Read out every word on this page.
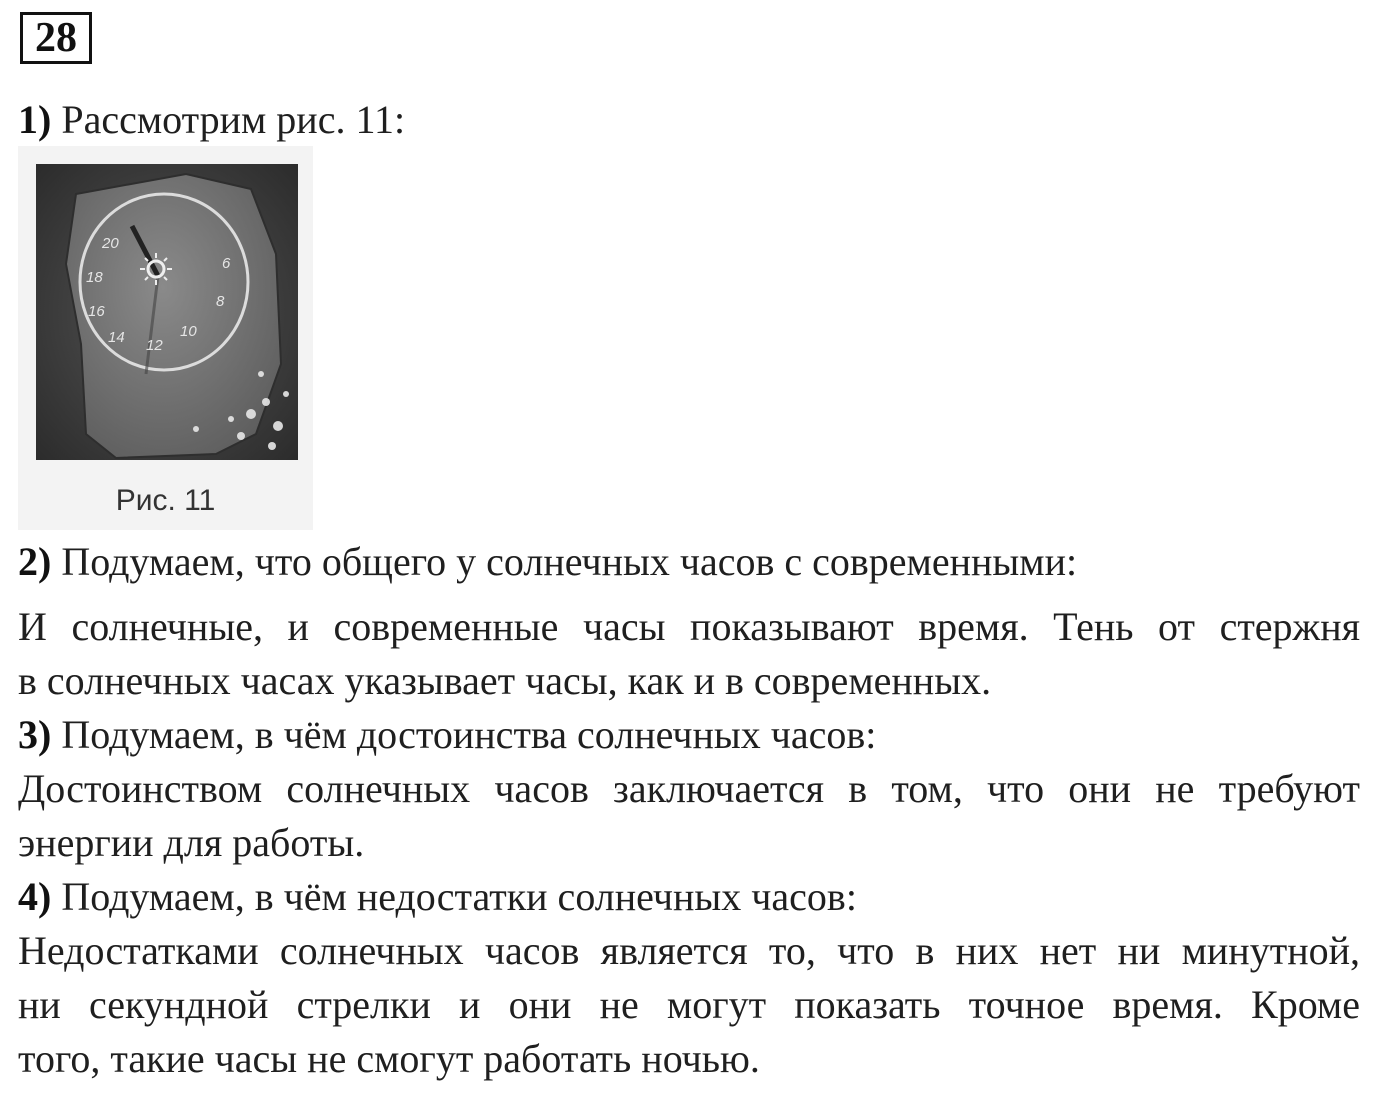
28
1) Рассмотрим рис. 11:
20
18
16
14 12
10
8
6
Рис. 11
2) Подумаем, что общего у солнечных часов с современными:
И солнечные, и современные часы показывают время. Тень от стержня
в солнечных часах указывает часы, как и в современных.
3) Подумаем, в чём достоинства солнечных часов:
Достоинством солнечных часов заключается в том, что они не требуют
энергии для работы.
4) Подумаем, в чём недостатки солнечных часов:
Недостатками солнечных часов является то, что в них нет ни минутной,
ни секундной стрелки и они не могут показать точное время. Кроме
того, такие часы не смогут работать ночью.
